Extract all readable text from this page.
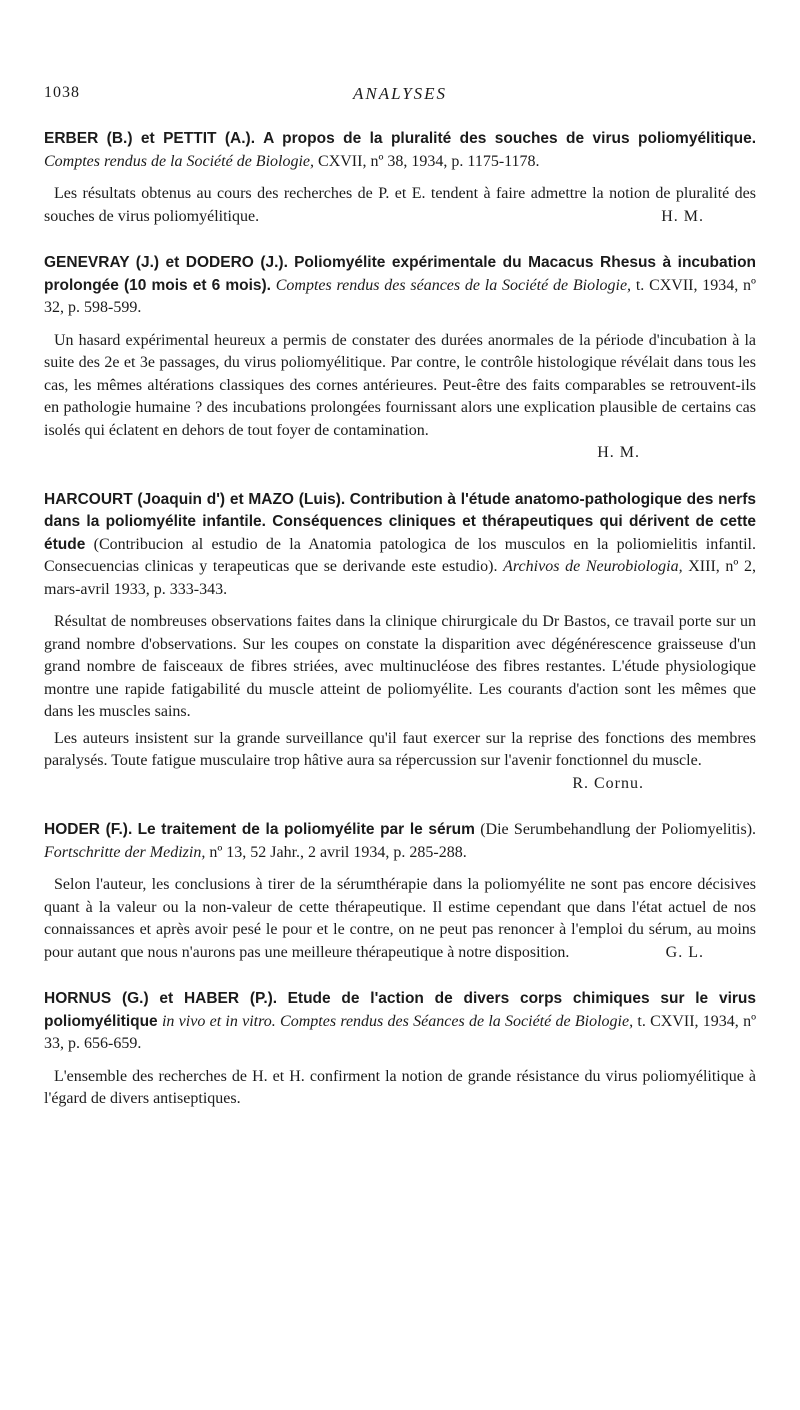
1038	ANALYSES

ERBER (B.) et PETTIT (A.). A propos de la pluralité des souches de virus poliomyélitique. Comptes rendus de la Société de Biologie, CXVII, nº 38, 1934, p. 1175-1178.

Les résultats obtenus au cours des recherches de P. et E. tendent à faire admettre la notion de pluralité des souches de virus poliomyélitique.	H. M.

GENEVRAY (J.) et DODERO (J.). Poliomyélite expérimentale du Macacus Rhesus à incubation prolongée (10 mois et 6 mois). Comptes rendus des séances de la Société de Biologie, t. CXVII, 1934, nº 32, p. 598-599.

Un hasard expérimental heureux a permis de constater des durées anormales de la période d'incubation à la suite des 2e et 3e passages, du virus poliomyélitique. Par contre, le contrôle histologique révélait dans tous les cas, les mêmes altérations classiques des cornes antérieures. Peut-être des faits comparables se retrouvent-ils en pathologie humaine ? des incubations prolongées fournissant alors une explication plausible de certains cas isolés qui éclatent en dehors de tout foyer de contamination.

H. M.

HARCOURT (Joaquin d') et MAZO (Luis). Contribution à l'étude anatomo-pathologique des nerfs dans la poliomyélite infantile. Conséquences cliniques et thérapeutiques qui dérivent de cette étude (Contribucion al estudio de la Anatomia patologica de los musculos en la poliomielitis infantil. Consecuencias clinicas y terapeuticas que se derivande este estudio). Archivos de Neurobiologia, XIII, nº 2, mars-avril 1933, p. 333-343.

Résultat de nombreuses observations faites dans la clinique chirurgicale du Dr Bastos, ce travail porte sur un grand nombre d'observations. Sur les coupes on constate la disparition avec dégénérescence graisseuse d'un grand nombre de faisceaux de fibres striées, avec multinucléose des fibres restantes. L'étude physiologique montre une rapide fatigabilité du muscle atteint de poliomyélite. Les courants d'action sont les mêmes que dans les muscles sains.

Les auteurs insistent sur la grande surveillance qu'il faut exercer sur la reprise des fonctions des membres paralysés. Toute fatigue musculaire trop hâtive aura sa répercussion sur l'avenir fonctionnel du muscle.

R. Cornu.

HODER (F.). Le traitement de la poliomyélite par le sérum (Die Serumbehandlung der Poliomyelitis). Fortschritte der Medizin, nº 13, 52 Jahr., 2 avril 1934, p. 285-288.

Selon l'auteur, les conclusions à tirer de la sérumthérapie dans la poliomyélite ne sont pas encore décisives quant à la valeur ou la non-valeur de cette thérapeutique. Il estime cependant que dans l'état actuel de nos connaissances et après avoir pesé le pour et le contre, on ne peut pas renoncer à l'emploi du sérum, au moins pour autant que nous n'aurons pas une meilleure thérapeutique à notre disposition.	G. L.

HORNUS (G.) et HABER (P.). Etude de l'action de divers corps chimiques sur le virus poliomyélitique in vivo et in vitro. Comptes rendus des Séances de la Société de Biologie, t. CXVII, 1934, nº 33, p. 656-659.

L'ensemble des recherches de H. et H. confirment la notion de grande résistance du virus poliomyélitique à l'égard de divers antiseptiques.
